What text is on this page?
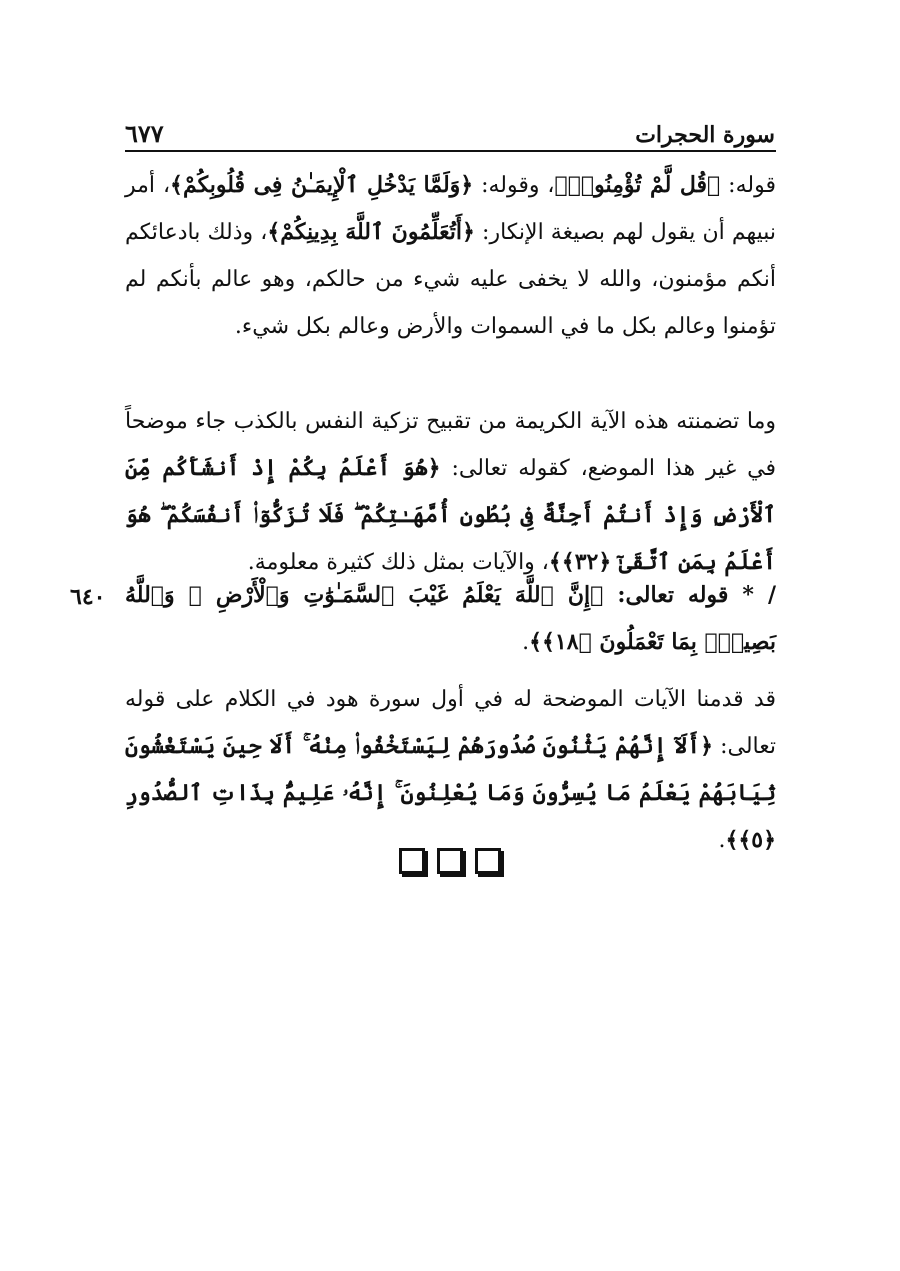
سورة الحجرات
٦٧٧
قوله: ﴿قُل لَّمْ تُؤْمِنُوا۟﴾، وقوله: ﴿وَلَمَّا يَدْخُلِ ٱلْإِيمَـٰنُ فِى قُلُوبِكُمْ﴾، أمر نبيهم أن يقول لهم بصيغة الإنكار: ﴿أَتُعَلِّمُونَ ٱللَّهَ بِدِينِكُمْ﴾، وذلك بادعائكم أنكم مؤمنون، والله لا يخفى عليه شيء من حالكم، وهو عالم بأنكم لم تؤمنوا وعالم بكل ما في السموات والأرض وعالم بكل شيء.
وما تضمنته هذه الآية الكريمة من تقبيح تزكية النفس بالكذب جاء موضحاً في غير هذا الموضع، كقوله تعالى: ﴿هُوَ أَعْلَمُ بِكُمْ إِذْ أَنشَأَكُم مِّنَ ٱلْأَرْضِ وَإِذْ أَنتُمْ أَجِنَّةٌ فِى بُطُونِ أُمَّهَـٰتِكُمْ ۖ فَلَا تُزَكُّوٓا۟ أَنفُسَكُمْ ۖ هُوَ أَعْلَمُ بِمَنِ ٱتَّقَىٰٓ ﴿٣٢﴾﴾، والآيات بمثل ذلك كثيرة معلومة.
/ * قوله تعالى: ﴿إِنَّ ٱللَّهَ يَعْلَمُ غَيْبَ ٱلسَّمَـٰوَٰتِ وَٱلْأَرْضِ ۚ وَٱللَّهُ بَصِيرٌۢ بِمَا تَعْمَلُونَ ﴿١٨﴾﴾.
٦٤٠
قد قدمنا الآيات الموضحة له في أول سورة هود في الكلام على قوله تعالى: ﴿أَلَآ إِنَّهُمْ يَثْنُونَ صُدُورَهُمْ لِيَسْتَخْفُوا۟ مِنْهُ ۚ أَلَا حِينَ يَسْتَغْشُونَ ثِيَابَهُمْ يَعْلَمُ مَا يُسِرُّونَ وَمَا يُعْلِنُونَ ۚ إِنَّهُۥ عَلِيمٌۢ بِذَاتِ ٱلصُّدُورِ ﴿٥﴾﴾.
